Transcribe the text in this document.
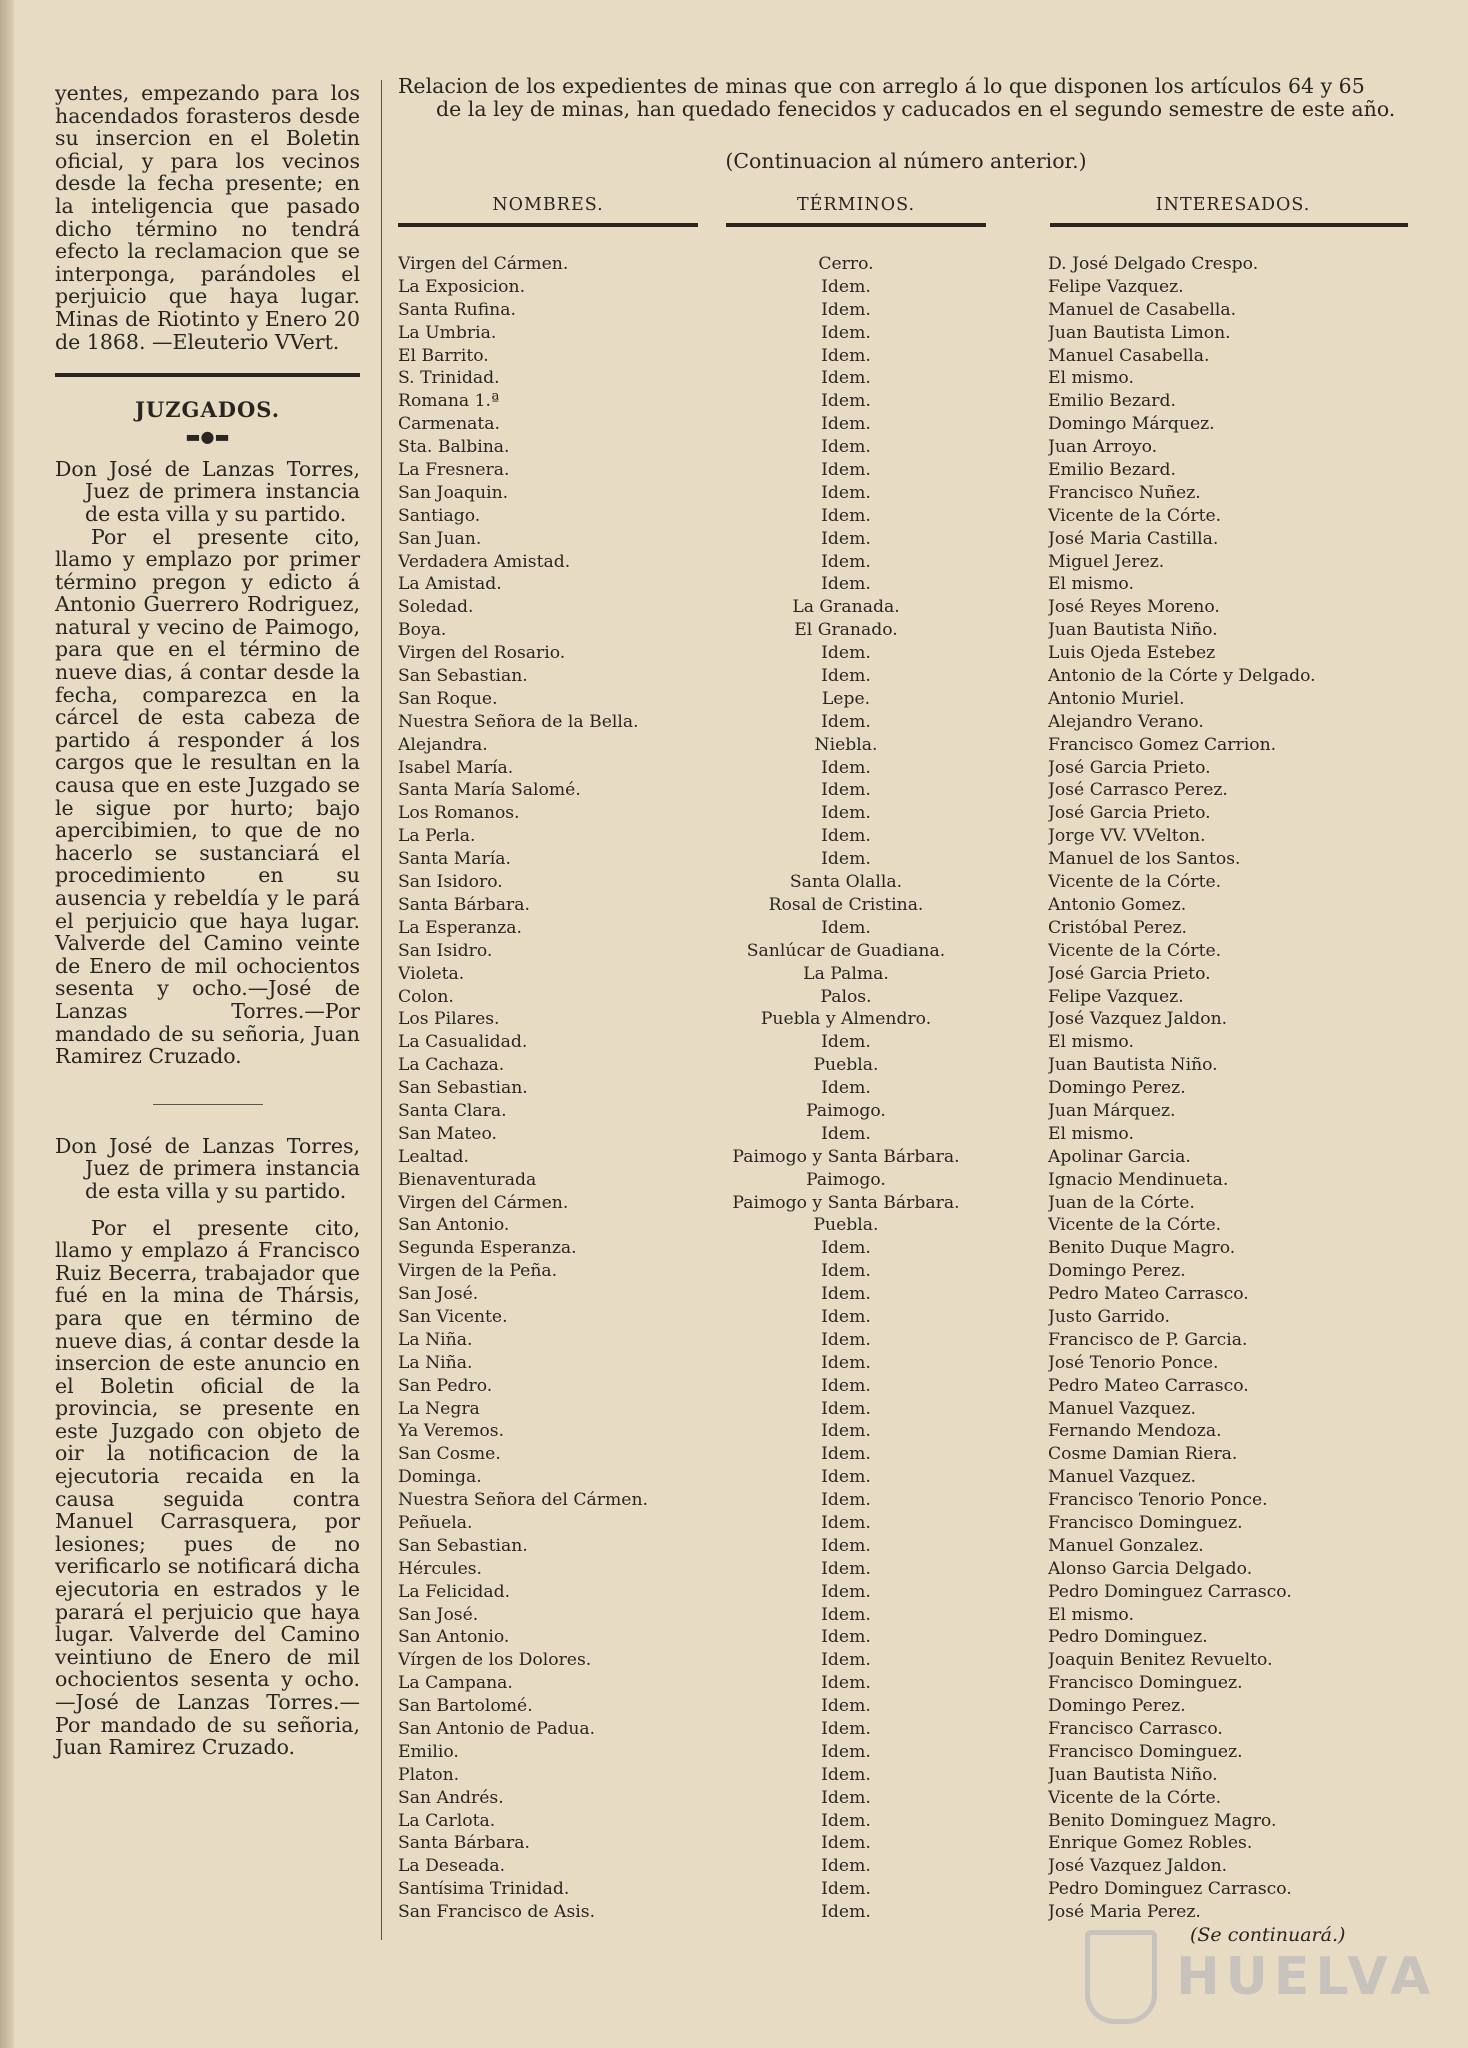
yentes, empezando para los hacendados forasteros desde su insercion en el Boletin oficial, y para los vecinos desde la fecha presente; en la inteligencia que pasado dicho término no tendrá efecto la reclamacion que se interponga, parándoles el perjuicio que haya lugar. Minas de Riotinto y Enero 20 de 1868. —Eleuterio VVert.

JUZGADOS.

▬●▬

Don José de Lanzas Torres, Juez de primera instancia de esta villa y su partido.

Por el presente cito, llamo y emplazo por primer término pregon y edicto á Antonio Guerrero Rodriguez, natural y vecino de Paimogo, para que en el término de nueve dias, á contar desde la fecha, comparezca en la cárcel de esta cabeza de partido á responder á los cargos que le resultan en la causa que en este Juzgado se le sigue por hurto; bajo apercibimien, to que de no hacerlo se sustanciará el procedimiento en su ausencia y rebeldía y le pará el perjuicio que haya lugar. Valverde del Camino veinte de Enero de mil ochocientos sesenta y ocho.—José de Lanzas Torres.—Por mandado de su señoria, Juan Ramirez Cruzado.

Don José de Lanzas Torres, Juez de primera instancia de esta villa y su partido.

Por el presente cito, llamo y emplazo á Francisco Ruiz Becerra, trabajador que fué en la mina de Thársis, para que en término de nueve dias, á contar desde la insercion de este anuncio en el Boletin oficial de la provincia, se presente en este Juzgado con objeto de oir la notificacion de la ejecutoria recaida en la causa seguida contra Manuel Carrasquera, por lesiones; pues de no verificarlo se notificará dicha ejecutoria en estrados y le parará el perjuicio que haya lugar. Valverde del Camino veintiuno de Enero de mil ochocientos sesenta y ocho.—José de Lanzas Torres.—Por mandado de su señoria, Juan Ramirez Cruzado.

Relacion de los expedientes de minas que con arreglo á lo que disponen los artículos 64 y 65
de la ley de minas, han quedado fenecidos y caducados en el segundo semestre de este año.
(Continuacion al número anterior.)
NOMBRES.	TÉRMINOS.	INTERESADOS.
Virgen del Cármen.	Cerro.	D. José Delgado Crespo.
La Exposicion.	Idem.	Felipe Vazquez.
Santa Rufina.	Idem.	Manuel de Casabella.
La Umbria.	Idem.	Juan Bautista Limon.
El Barrito.	Idem.	Manuel Casabella.
S. Trinidad.	Idem.	El mismo.
Romana 1.ª	Idem.	Emilio Bezard.
Carmenata.	Idem.	Domingo Márquez.
Sta. Balbina.	Idem.	Juan Arroyo.
La Fresnera.	Idem.	Emilio Bezard.
San Joaquin.	Idem.	Francisco Nuñez.
Santiago.	Idem.	Vicente de la Córte.
San Juan.	Idem.	José Maria Castilla.
Verdadera Amistad.	Idem.	Miguel Jerez.
La Amistad.	Idem.	El mismo.
Soledad.	La Granada.	José Reyes Moreno.
Boya.	El Granado.	Juan Bautista Niño.
Virgen del Rosario.	Idem.	Luis Ojeda Estebez
San Sebastian.	Idem.	Antonio de la Córte y Delgado.
San Roque.	Lepe.	Antonio Muriel.
Nuestra Señora de la Bella.	Idem.	Alejandro Verano.
Alejandra.	Niebla.	Francisco Gomez Carrion.
Isabel María.	Idem.	José Garcia Prieto.
Santa María Salomé.	Idem.	José Carrasco Perez.
Los Romanos.	Idem.	José Garcia Prieto.
La Perla.	Idem.	Jorge VV. VVelton.
Santa María.	Idem.	Manuel de los Santos.
San Isidoro.	Santa Olalla.	Vicente de la Córte.
Santa Bárbara.	Rosal de Cristina.	Antonio Gomez.
La Esperanza.	Idem.	Cristóbal Perez.
San Isidro.	Sanlúcar de Guadiana.	Vicente de la Córte.
Violeta.	La Palma.	José Garcia Prieto.
Colon.	Palos.	Felipe Vazquez.
Los Pilares.	Puebla y Almendro.	José Vazquez Jaldon.
La Casualidad.	Idem.	El mismo.
La Cachaza.	Puebla.	Juan Bautista Niño.
San Sebastian.	Idem.	Domingo Perez.
Santa Clara.	Paimogo.	Juan Márquez.
San Mateo.	Idem.	El mismo.
Lealtad.	Paimogo y Santa Bárbara.	Apolinar Garcia.
Bienaventurada	Paimogo.	Ignacio Mendinueta.
Virgen del Cármen.	Paimogo y Santa Bárbara.	Juan de la Córte.
San Antonio.	Puebla.	Vicente de la Córte.
Segunda Esperanza.	Idem.	Benito Duque Magro.
Virgen de la Peña.	Idem.	Domingo Perez.
San José.	Idem.	Pedro Mateo Carrasco.
San Vicente.	Idem.	Justo Garrido.
La Niña.	Idem.	Francisco de P. Garcia.
La Niña.	Idem.	José Tenorio Ponce.
San Pedro.	Idem.	Pedro Mateo Carrasco.
La Negra	Idem.	Manuel Vazquez.
Ya Veremos.	Idem.	Fernando Mendoza.
San Cosme.	Idem.	Cosme Damian Riera.
Dominga.	Idem.	Manuel Vazquez.
Nuestra Señora del Cármen.	Idem.	Francisco Tenorio Ponce.
Peñuela.	Idem.	Francisco Dominguez.
San Sebastian.	Idem.	Manuel Gonzalez.
Hércules.	Idem.	Alonso Garcia Delgado.
La Felicidad.	Idem.	Pedro Dominguez Carrasco.
San José.	Idem.	El mismo.
San Antonio.	Idem.	Pedro Dominguez.
Vírgen de los Dolores.	Idem.	Joaquin Benitez Revuelto.
La Campana.	Idem.	Francisco Dominguez.
San Bartolomé.	Idem.	Domingo Perez.
San Antonio de Padua.	Idem.	Francisco Carrasco.
Emilio.	Idem.	Francisco Dominguez.
Platon.	Idem.	Juan Bautista Niño.
San Andrés.	Idem.	Vicente de la Córte.
La Carlota.	Idem.	Benito Dominguez Magro.
Santa Bárbara.	Idem.	Enrique Gomez Robles.
La Deseada.	Idem.	José Vazquez Jaldon.
Santísima Trinidad.	Idem.	Pedro Dominguez Carrasco.
San Francisco de Asis.	Idem.	José Maria Perez.
(Se continuará.)
HUELVA
